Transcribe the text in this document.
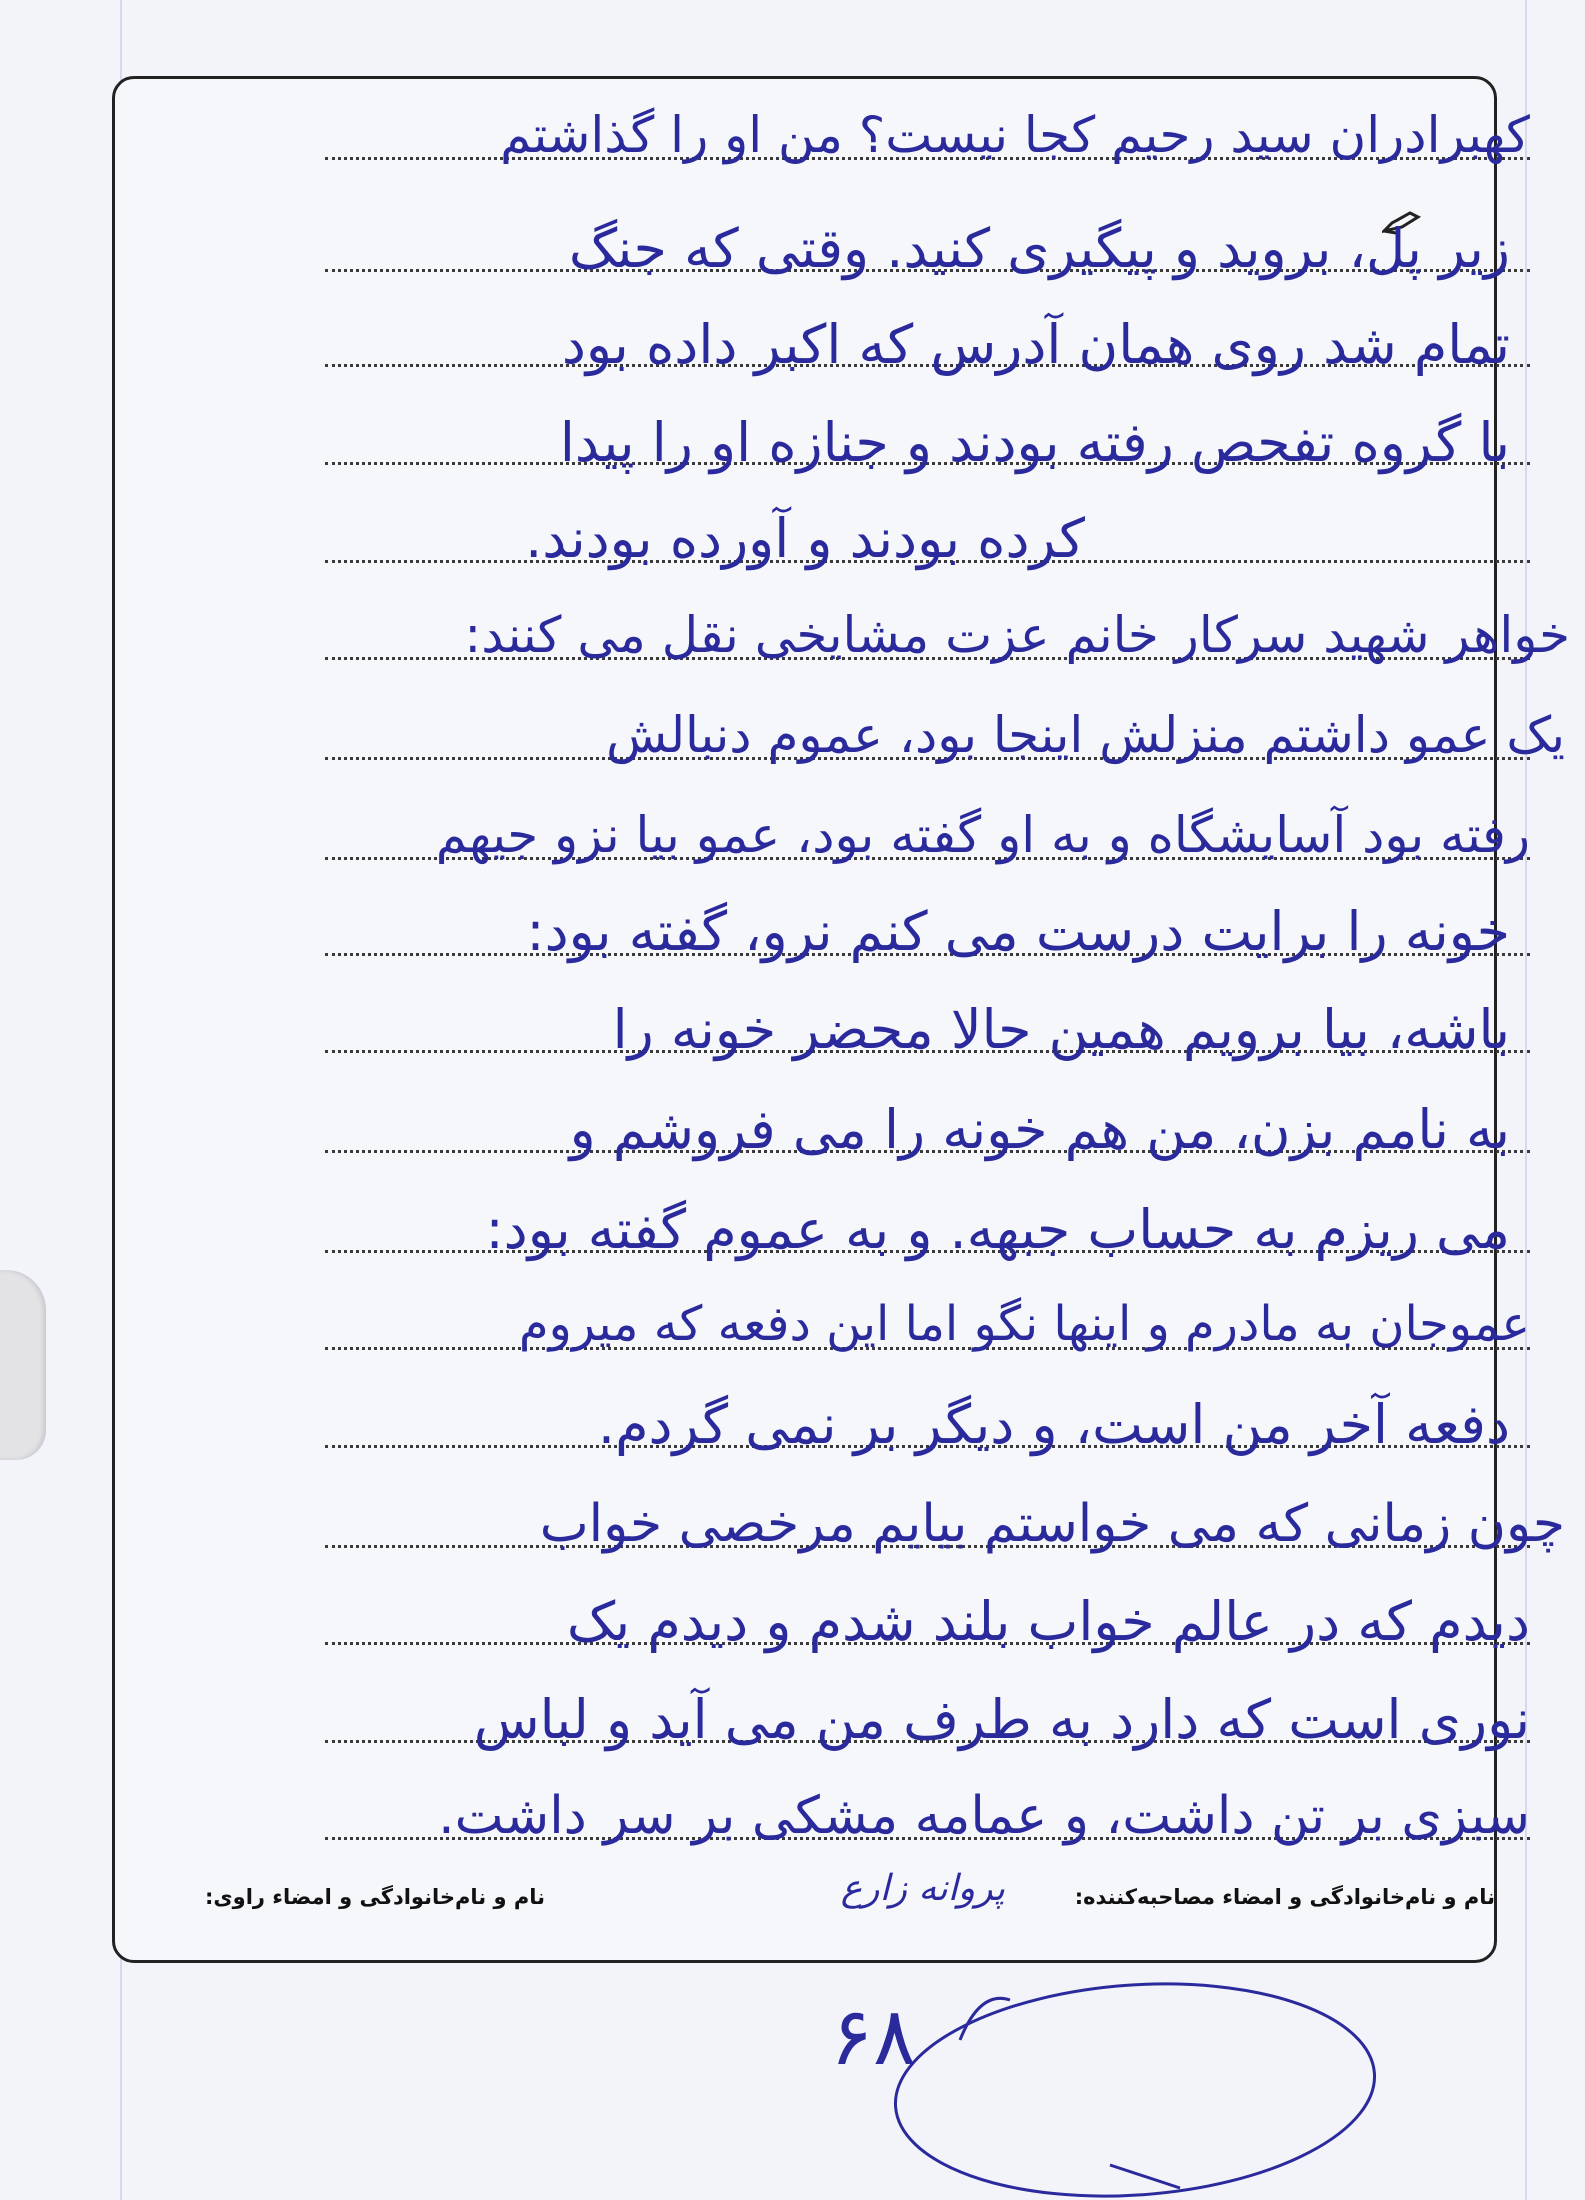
کهبرادران سید رحیم کجا نیست؟ من او را گذاشتم
زیر پل، بروید و پیگیری کنید. وقتی که جنگ
تمام شد روی همان آدرس که اکبر داده بود
با گروه تفحص رفته بودند و جنازه او را پیدا
کرده بودند و آورده بودند.
خواهر شهید سرکار خانم عزت مشایخی نقل می کنند:
یک عمو داشتم منزلش اینجا بود، عموم دنبالش
رفته بود آسایشگاه و به او گفته بود، عمو بیا نزو جیهم
خونه را برایت درست می کنم نرو، گفته بود:
باشه، بیا برویم همین حالا محضر خونه را
به نامم بزن، من هم خونه را می فروشم و
می ریزم به حساب جبهه. و به عموم گفته بود:
عموجان به مادرم و اینها نگو اما این دفعه که میروم
دفعه آخر من است، و دیگر بر نمی گردم.
چون زمانی که می خواستم بیایم مرخصی خواب
دیدم که در عالم خواب بلند شدم و دیدم یک
نوری است که دارد به طرف من می آید و لباس
سبزی بر تن داشت، و عمامه مشکی بر سر داشت.
نام و نام‌خانوادگی و امضاء راوی:	پروانه زارع	نام و نام‌خانوادگی و امضاء مصاحبه‌کننده:
۶۸
